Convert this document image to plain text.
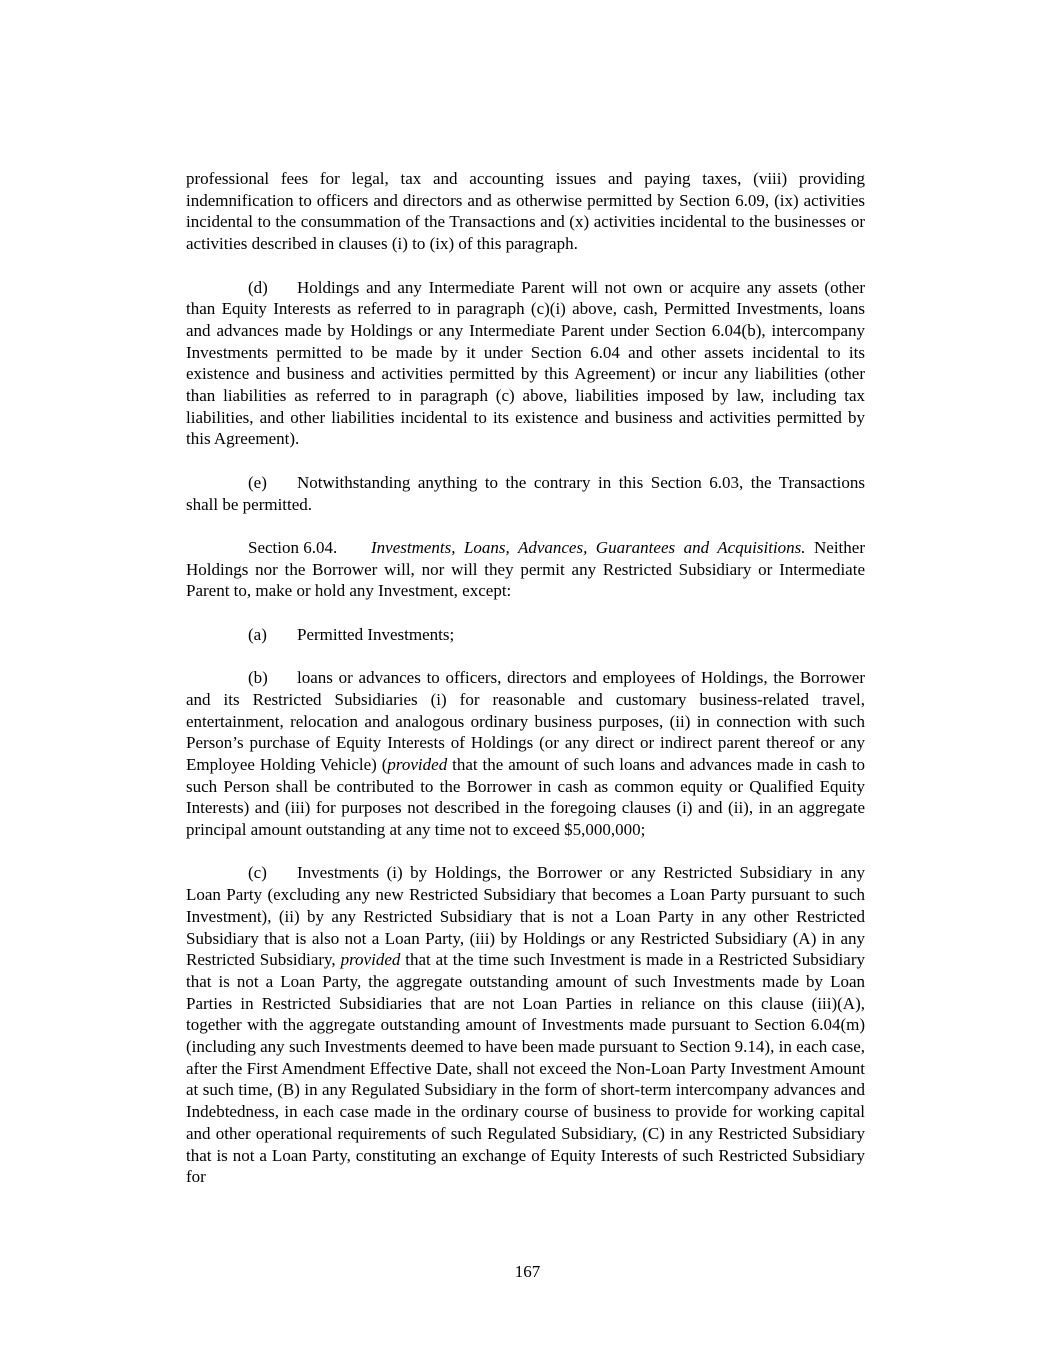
professional fees for legal, tax and accounting issues and paying taxes, (viii) providing indemnification to officers and directors and as otherwise permitted by Section 6.09, (ix) activities incidental to the consummation of the Transactions and (x) activities incidental to the businesses or activities described in clauses (i) to (ix) of this paragraph.

(d) Holdings and any Intermediate Parent will not own or acquire any assets (other than Equity Interests as referred to in paragraph (c)(i) above, cash, Permitted Investments, loans and advances made by Holdings or any Intermediate Parent under Section 6.04(b), intercompany Investments permitted to be made by it under Section 6.04 and other assets incidental to its existence and business and activities permitted by this Agreement) or incur any liabilities (other than liabilities as referred to in paragraph (c) above, liabilities imposed by law, including tax liabilities, and other liabilities incidental to its existence and business and activities permitted by this Agreement).

(e) Notwithstanding anything to the contrary in this Section 6.03, the Transactions shall be permitted.

Section 6.04. Investments, Loans, Advances, Guarantees and Acquisitions. Neither Holdings nor the Borrower will, nor will they permit any Restricted Subsidiary or Intermediate Parent to, make or hold any Investment, except:

(a) Permitted Investments;

(b) loans or advances to officers, directors and employees of Holdings, the Borrower and its Restricted Subsidiaries (i) for reasonable and customary business-related travel, entertainment, relocation and analogous ordinary business purposes, (ii) in connection with such Person’s purchase of Equity Interests of Holdings (or any direct or indirect parent thereof or any Employee Holding Vehicle) (provided that the amount of such loans and advances made in cash to such Person shall be contributed to the Borrower in cash as common equity or Qualified Equity Interests) and (iii) for purposes not described in the foregoing clauses (i) and (ii), in an aggregate principal amount outstanding at any time not to exceed $5,000,000;

(c) Investments (i) by Holdings, the Borrower or any Restricted Subsidiary in any Loan Party (excluding any new Restricted Subsidiary that becomes a Loan Party pursuant to such Investment), (ii) by any Restricted Subsidiary that is not a Loan Party in any other Restricted Subsidiary that is also not a Loan Party, (iii) by Holdings or any Restricted Subsidiary (A) in any Restricted Subsidiary, provided that at the time such Investment is made in a Restricted Subsidiary that is not a Loan Party, the aggregate outstanding amount of such Investments made by Loan Parties in Restricted Subsidiaries that are not Loan Parties in reliance on this clause (iii)(A), together with the aggregate outstanding amount of Investments made pursuant to Section 6.04(m) (including any such Investments deemed to have been made pursuant to Section 9.14), in each case, after the First Amendment Effective Date, shall not exceed the Non-Loan Party Investment Amount at such time, (B) in any Regulated Subsidiary in the form of short-term intercompany advances and Indebtedness, in each case made in the ordinary course of business to provide for working capital and other operational requirements of such Regulated Subsidiary, (C) in any Restricted Subsidiary that is not a Loan Party, constituting an exchange of Equity Interests of such Restricted Subsidiary for

167
